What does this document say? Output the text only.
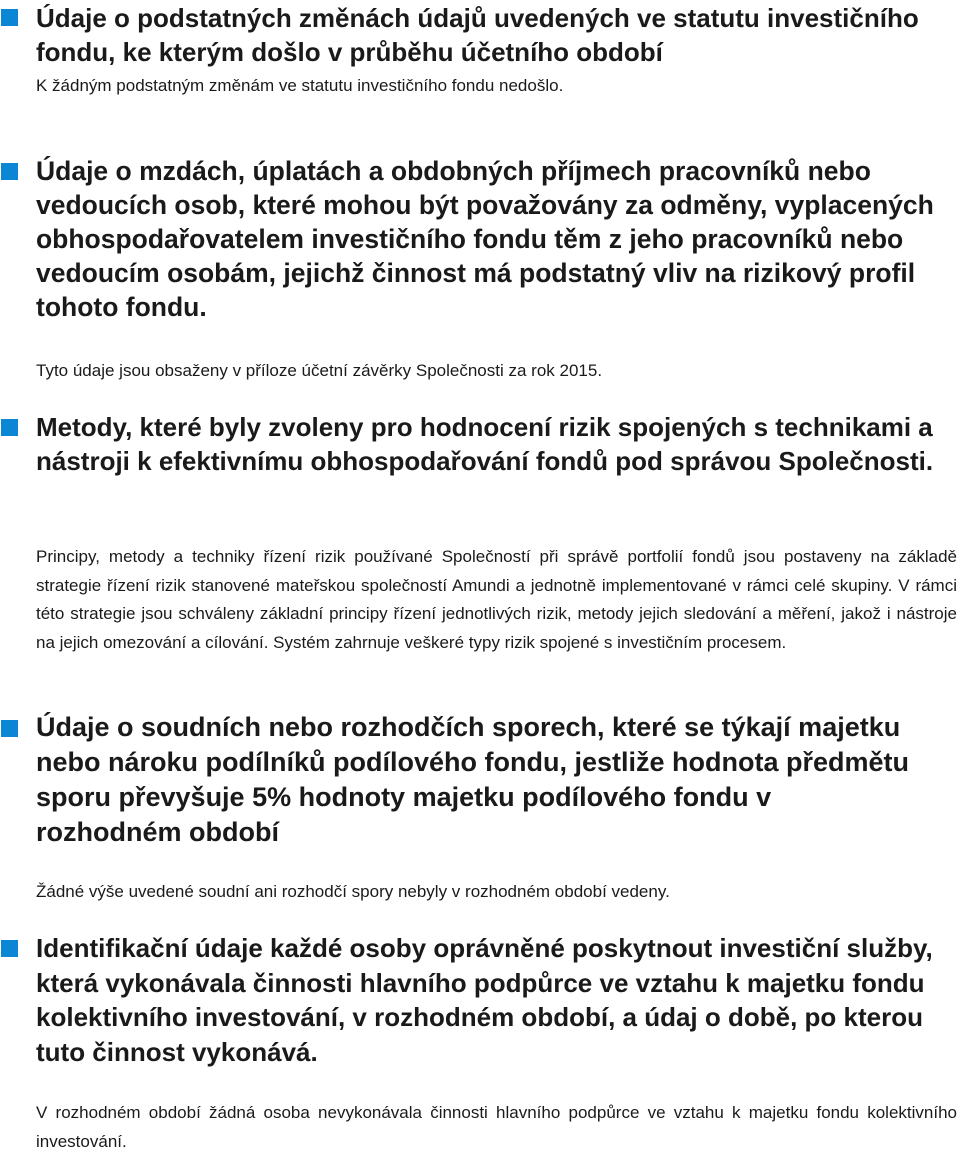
Údaje o podstatných změnách údajů uvedených ve statutu investičního fondu, ke kterým došlo v průběhu účetního období

K žádným podstatným změnám ve statutu investičního fondu nedošlo.

Údaje o mzdách, úplatách a obdobných příjmech pracovníků nebo vedoucích osob, které mohou být považovány za odměny, vyplacených obhospodařovatelem investičního fondu těm z jeho pracovníků nebo vedoucím osobám, jejichž činnost má podstatný vliv na rizikový profil tohoto fondu.

Tyto údaje jsou obsaženy v příloze účetní závěrky Společnosti za rok 2015.

Metody, které byly zvoleny pro hodnocení rizik spojených s technikami a nástroji k efektivnímu obhospodařování fondů pod správou Společnosti.

Principy, metody a techniky řízení rizik používané Společností při správě portfolií fondů jsou postaveny na základě strategie řízení rizik stanovené mateřskou společností Amundi a jednotně implementované v rámci celé skupiny. V rámci této strategie jsou schváleny základní principy řízení jednotlivých rizik, metody jejich sledování a měření, jakož i nástroje na jejich omezování a cílování. Systém zahrnuje veškeré typy rizik spojené s investičním procesem.

Údaje o soudních nebo rozhodčích sporech, které se týkají majetku nebo nároku podílníků podílového fondu, jestliže hodnota předmětu sporu převyšuje 5% hodnoty majetku podílového fondu v rozhodném období

Žádné výše uvedené soudní ani rozhodčí spory nebyly v rozhodném období vedeny.

Identifikační údaje každé osoby oprávněné poskytnout investiční služby, která vykonávala činnosti hlavního podpůrce ve vztahu k majetku fondu kolektivního investování, v rozhodném období, a údaj o době, po kterou tuto činnost vykonává.

V rozhodném období žádná osoba nevykonávala činnosti hlavního podpůrce ve vztahu k majetku fondu kolektivního investování.
